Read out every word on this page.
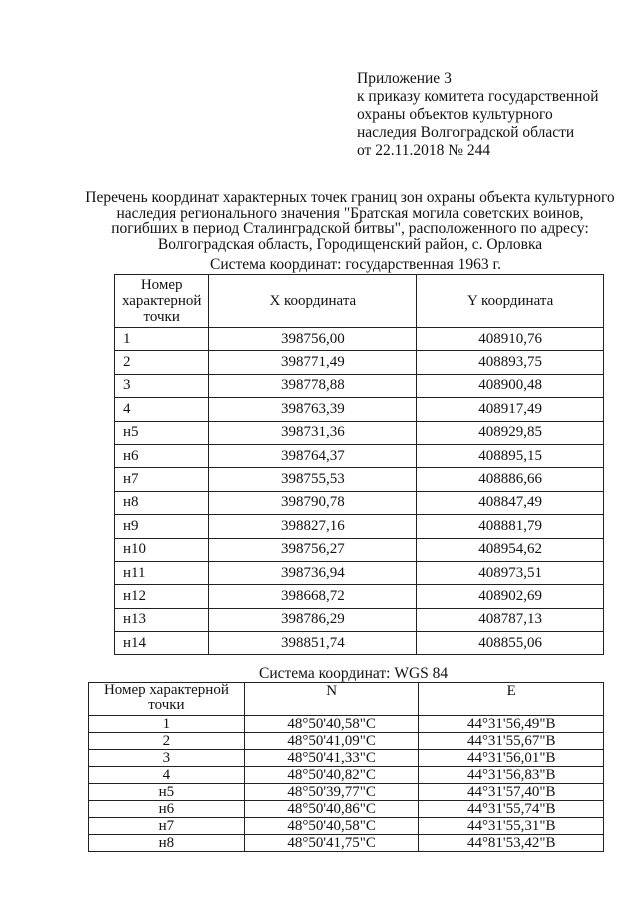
Приложение 3
к приказу комитета государственной
охраны объектов культурного
наследия Волгоградской области
от 22.11.2018 № 244
Перечень координат характерных точек границ зон охраны объекта культурного
наследия регионального значения "Братская могила советских воинов,
погибших в период Сталинградской битвы", расположенного по адресу:
Волгоградская область, Городищенский район, с. Орловка
Система координат: государственная 1963 г.
Номер
характерной
точки	X координата	Y координата
1	398756,00	408910,76
2	398771,49	408893,75
3	398778,88	408900,48
4	398763,39	408917,49
н5	398731,36	408929,85
н6	398764,37	408895,15
н7	398755,53	408886,66
н8	398790,78	408847,49
н9	398827,16	408881,79
н10	398756,27	408954,62
н11	398736,94	408973,51
н12	398668,72	408902,69
н13	398786,29	408787,13
н14	398851,74	408855,06
Система координат: WGS 84
Номер характерной
точки	N	E
1	48°50'40,58"С	44°31'56,49"В
2	48°50'41,09"С	44°31'55,67"В
3	48°50'41,33"С	44°31'56,01"В
4	48°50'40,82"С	44°31'56,83"В
н5	48°50'39,77"С	44°31'57,40"В
н6	48°50'40,86"С	44°31'55,74"В
н7	48°50'40,58"С	44°31'55,31"В
н8	48°50'41,75"С	44°81'53,42"В
